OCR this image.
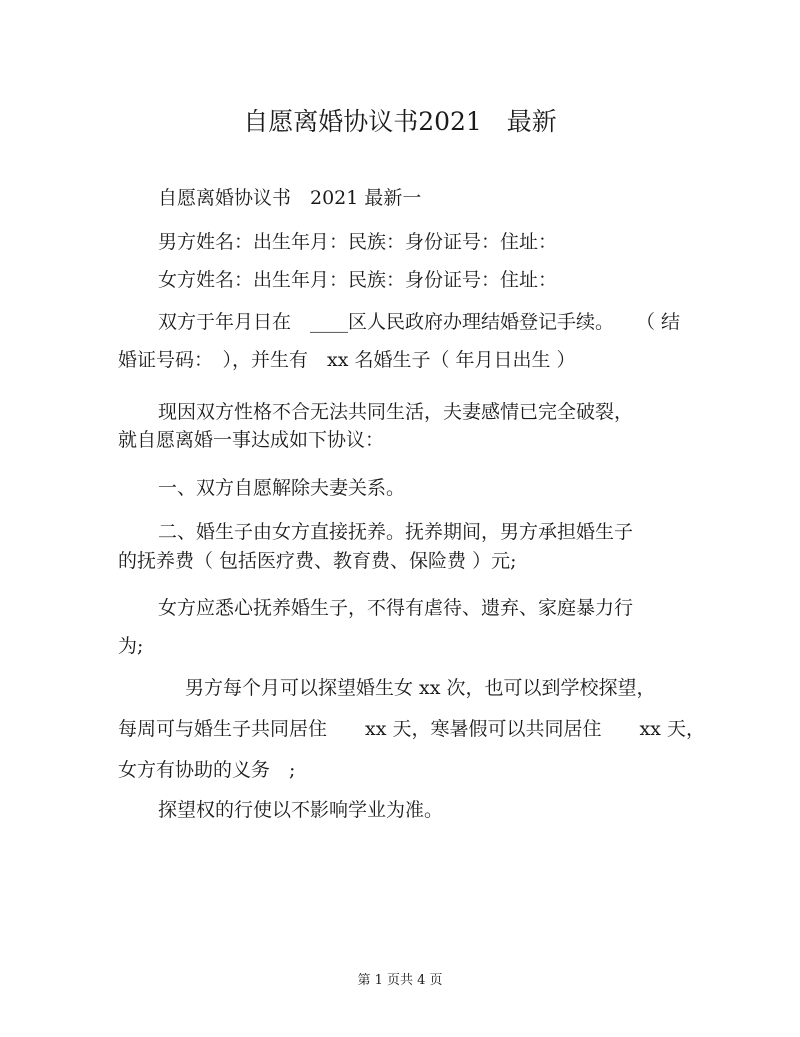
自愿离婚协议书2021　最新
自愿离婚协议书　2021 最新一
男方姓名：出生年月：民族：身份证号：住址：
女方姓名：出生年月：民族：身份证号：住址：
双方于年月日在　____区人民政府办理结婚登记手续。 （ 结
婚证号码：　），并生有　xx 名婚生子（ 年月日出生 ）
现因双方性格不合无法共同生活，夫妻感情已完全破裂，
就自愿离婚一事达成如下协议：
一、双方自愿解除夫妻关系。
二、婚生子由女方直接抚养。抚养期间，男方承担婚生子
的抚养费（ 包括医疗费、教育费、保险费 ）元;
女方应悉心抚养婚生子，不得有虐待、遗弃、家庭暴力行
为;
男方每个月可以探望婚生女 xx 次，也可以到学校探望，
每周可与婚生子共同居住　　xx 天，寒暑假可以共同居住　　xx 天，
女方有协助的义务　;
探望权的行使以不影响学业为准。
第 1 页共 4 页
